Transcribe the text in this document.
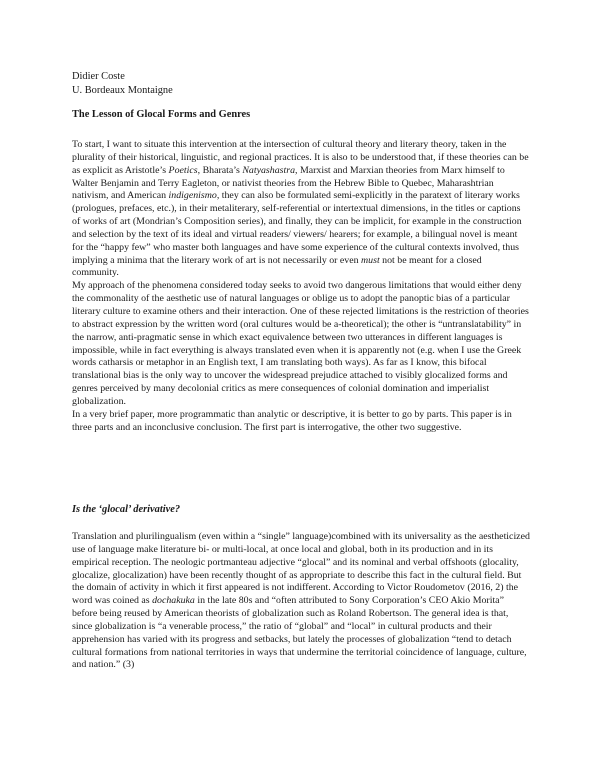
Didier Coste
U. Bordeaux Montaigne
The Lesson of Glocal Forms and Genres

To start, I want to situate this intervention at the intersection of cultural theory and literary theory, taken in the plurality of their historical, linguistic, and regional practices. It is also to be understood that, if these theories can be as explicit as Aristotle’s Poetics, Bharata’s Natyashastra, Marxist and Marxian theories from Marx himself to Walter Benjamin and Terry Eagleton, or nativist theories from the Hebrew Bible to Quebec, Maharashtrian nativism, and American indigenismo, they can also be formulated semi-explicitly in the paratext of literary works (prologues, prefaces, etc.), in their metaliterary, self-referential or intertextual dimensions, in the titles or captions of works of art (Mondrian’s Composition series), and finally, they can be implicit, for example in the construction and selection by the text of its ideal and virtual readers/ viewers/ hearers; for example, a bilingual novel is meant for the “happy few” who master both languages and have some experience of the cultural contexts involved, thus implying a minima that the literary work of art is not necessarily or even must not be meant for a closed community.

My approach of the phenomena considered today seeks to avoid two dangerous limitations that would either deny the commonality of the aesthetic use of natural languages or oblige us to adopt the panoptic bias of a particular literary culture to examine others and their interaction. One of these rejected limitations is the restriction of theories to abstract expression by the written word (oral cultures would be a-theoretical); the other is “untranslatability” in the narrow, anti-pragmatic sense in which exact equivalence between two utterances in different languages is impossible, while in fact everything is always translated even when it is apparently not (e.g. when I use the Greek words catharsis or metaphor in an English text, I am translating both ways). As far as I know, this bifocal translational bias is the only way to uncover the widespread prejudice attached to visibly glocalized forms and genres perceived by many decolonial critics as mere consequences of colonial domination and imperialist globalization.

In a very brief paper, more programmatic than analytic or descriptive, it is better to go by parts. This paper is in three parts and an inconclusive conclusion. The first part is interrogative, the other two suggestive.

Is the ‘glocal’ derivative?

Translation and plurilingualism (even within a “single” language)combined with its universality as the aestheticized use of language make literature bi- or multi-local, at once local and global, both in its production and in its empirical reception. The neologic portmanteau adjective “glocal” and its nominal and verbal offshoots (glocality, glocalize, glocalization) have been recently thought of as appropriate to describe this fact in the cultural field. But the domain of activity in which it first appeared is not indifferent. According to Victor Roudometov (2016, 2) the word was coined as dochakuka in the late 80s and “often attributed to Sony Corporation’s CEO Akio Morita” before being reused by American theorists of globalization such as Roland Robertson. The general idea is that, since globalization is “a venerable process,” the ratio of “global” and “local” in cultural products and their apprehension has varied with its progress and setbacks, but lately the processes of globalization “tend to detach cultural formations from national territories in ways that undermine the territorial coincidence of language, culture, and nation.” (3)
